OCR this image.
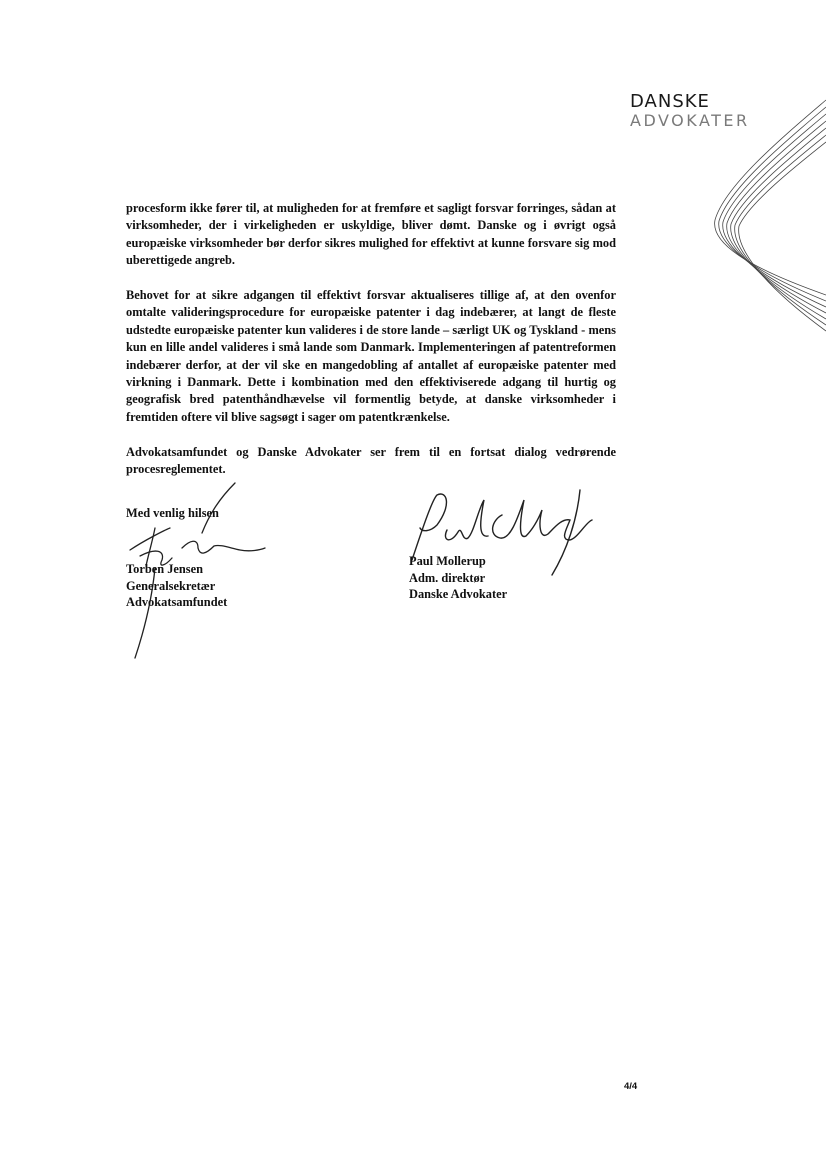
DANSKE
ADVOKATER

procesform ikke fører til, at muligheden for at fremføre et sagligt forsvar forringes, sådan at virksomheder, der i virkeligheden er uskyldige, bliver dømt. Danske og i øvrigt også europæiske virksomheder bør derfor sikres mulighed for effektivt at kunne forsvare sig mod uberettigede angreb.

Behovet for at sikre adgangen til effektivt forsvar aktualiseres tillige af, at den ovenfor omtalte valideringsprocedure for europæiske patenter i dag indebærer, at langt de fleste udstedte europæiske patenter kun valideres i de store lande – særligt UK og Tyskland - mens kun en lille andel valideres i små lande som Danmark. Implementeringen af patentreformen indebærer derfor, at der vil ske en mangedobling af antallet af europæiske patenter med virkning i Danmark. Dette i kombination med den effektiviserede adgang til hurtig og geografisk bred patenthåndhævelse vil formentlig betyde, at danske virksomheder i fremtiden oftere vil blive sagsøgt i sager om patentkrænkelse.

Advokatsamfundet og Danske Advokater ser frem til en fortsat dialog vedrørende procesreglementet.

Med venlig hilsen
Torben Jensen
Generalsekretær
Advokatsamfundet
Paul Mollerup
Adm. direktør
Danske Advokater
4/4
